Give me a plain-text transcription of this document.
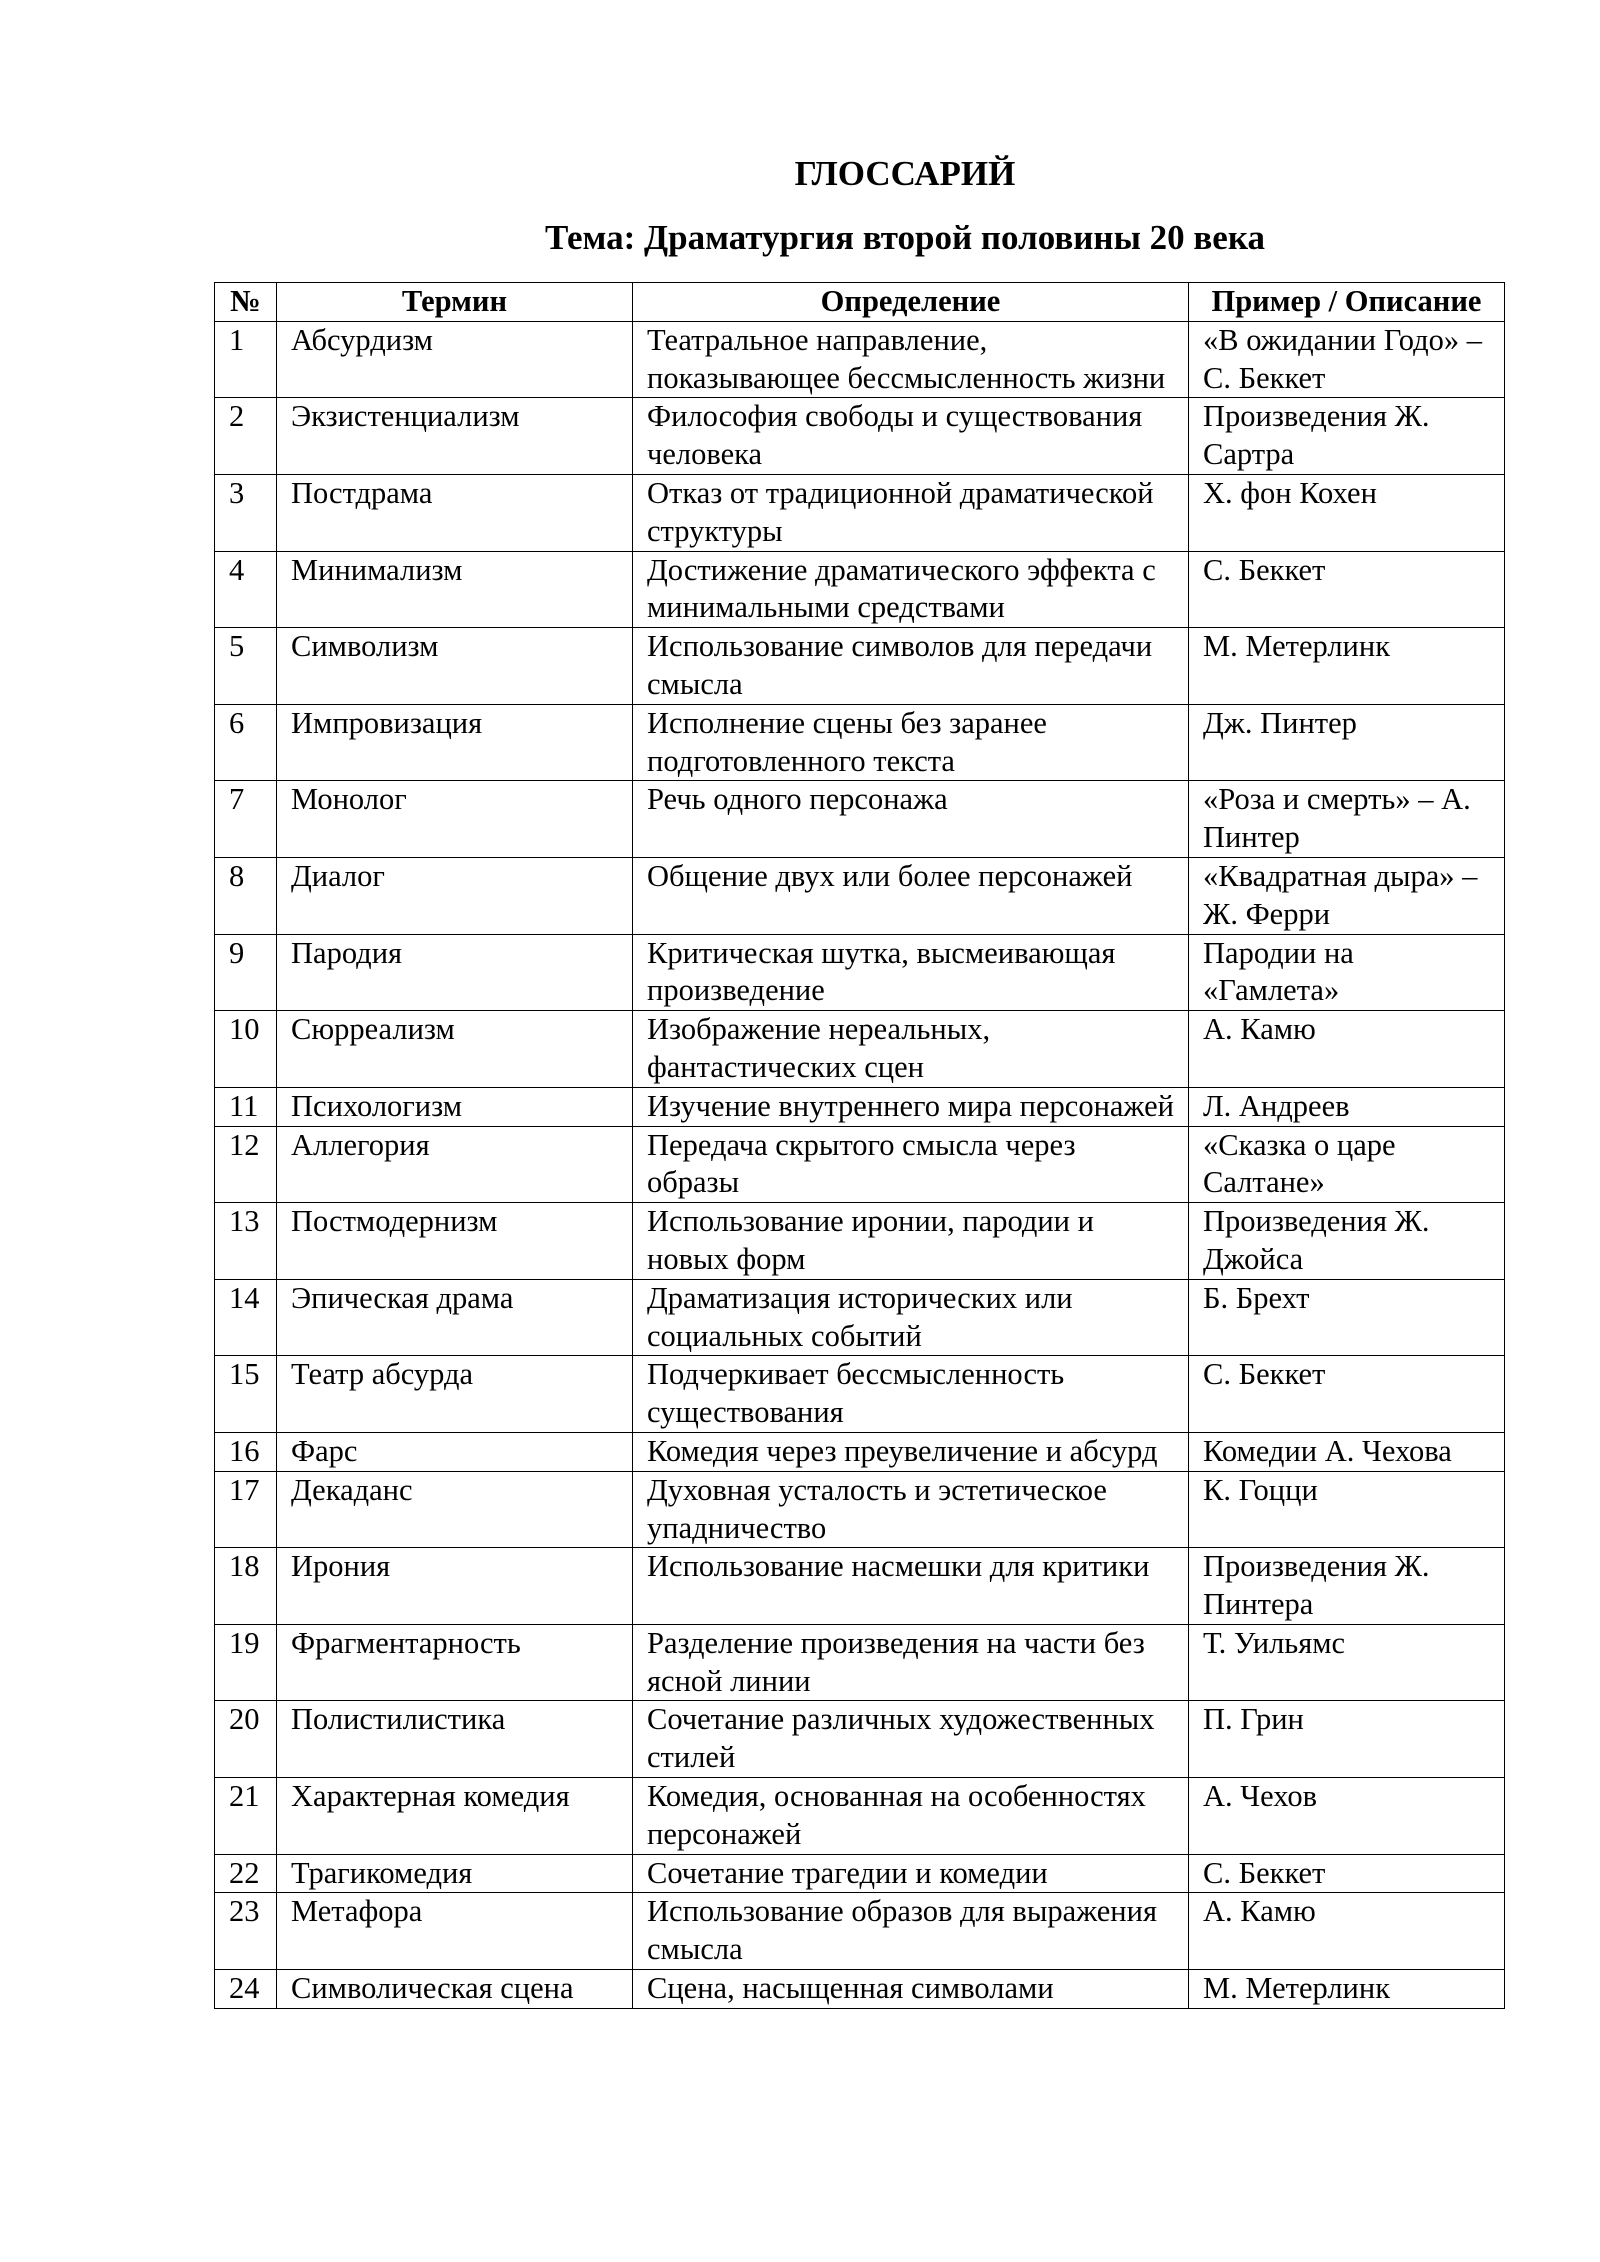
ГЛОССАРИЙ
Тема: Драматургия второй половины 20 века
№	Термин	Определение	Пример / Описание
1	Абсурдизм	Театральное направление, показывающее бессмысленность жизни	«В ожидании Годо» – С. Беккет
2	Экзистенциализм	Философия свободы и существования человека	Произведения Ж. Сартра
3	Постдрама	Отказ от традиционной драматической структуры	Х. фон Кохен
4	Минимализм	Достижение драматического эффекта с минимальными средствами	С. Беккет
5	Символизм	Использование символов для передачи смысла	М. Метерлинк
6	Импровизация	Исполнение сцены без заранее подготовленного текста	Дж. Пинтер
7	Монолог	Речь одного персонажа	«Роза и смерть» – А. Пинтер
8	Диалог	Общение двух или более персонажей	«Квадратная дыра» – Ж. Ферри
9	Пародия	Критическая шутка, высмеивающая произведение	Пародии на «Гамлета»
10	Сюрреализм	Изображение нереальных, фантастических сцен	А. Камю
11	Психологизм	Изучение внутреннего мира персонажей	Л. Андреев
12	Аллегория	Передача скрытого смысла через образы	«Сказка о царе Салтане»
13	Постмодернизм	Использование иронии, пародии и новых форм	Произведения Ж. Джойса
14	Эпическая драма	Драматизация исторических или социальных событий	Б. Брехт
15	Театр абсурда	Подчеркивает бессмысленность существования	С. Беккет
16	Фарс	Комедия через преувеличение и абсурд	Комедии А. Чехова
17	Декаданс	Духовная усталость и эстетическое упадничество	К. Гоцци
18	Ирония	Использование насмешки для критики	Произведения Ж. Пинтера
19	Фрагментарность	Разделение произведения на части без ясной линии	Т. Уильямс
20	Полистилистика	Сочетание различных художественных стилей	П. Грин
21	Характерная комедия	Комедия, основанная на особенностях персонажей	А. Чехов
22	Трагикомедия	Сочетание трагедии и комедии	С. Беккет
23	Метафора	Использование образов для выражения смысла	А. Камю
24	Символическая сцена	Сцена, насыщенная символами	М. Метерлинк
